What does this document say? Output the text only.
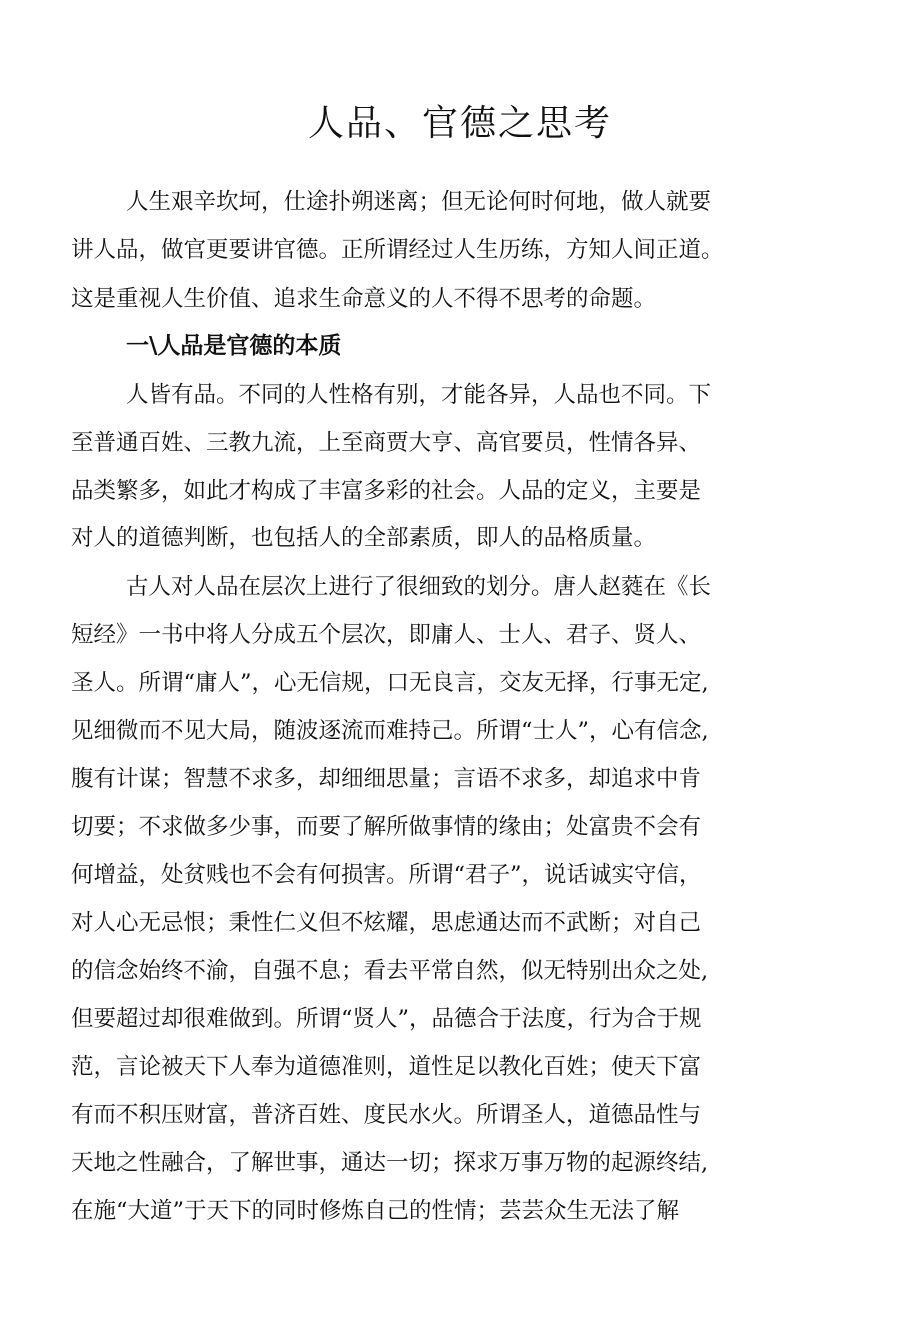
人品、官德之思考

人生艰辛坎坷，仕途扑朔迷离；但无论何时何地，做人就要

讲人品，做官更要讲官德。正所谓经过人生历练，方知人间正道。

这是重视人生价值、追求生命意义的人不得不思考的命题。

一\人品是官德的本质

人皆有品。不同的人性格有别，才能各异，人品也不同。下

至普通百姓、三教九流，上至商贾大亨、高官要员，性情各异、

品类繁多，如此才构成了丰富多彩的社会。人品的定义，主要是

对人的道德判断，也包括人的全部素质，即人的品格质量。

古人对人品在层次上进行了很细致的划分。唐人赵蕤在《长

短经》一书中将人分成五个层次，即庸人、士人、君子、贤人、

圣人。所谓“庸人”，心无信规，口无良言，交友无择，行事无定,

见细微而不见大局，随波逐流而难持己。所谓“士人”，心有信念,

腹有计谋；智慧不求多，却细细思量；言语不求多，却追求中肯

切要；不求做多少事，而要了解所做事情的缘由；处富贵不会有

何增益，处贫贱也不会有何损害。所谓“君子”，说话诚实守信，

对人心无忌恨；秉性仁义但不炫耀，思虑通达而不武断；对自己

的信念始终不渝，自强不息；看去平常自然，似无特别出众之处,

但要超过却很难做到。所谓“贤人”，品德合于法度，行为合于规

范，言论被天下人奉为道德准则，道性足以教化百姓；使天下富

有而不积压财富，普济百姓、度民水火。所谓圣人，道德品性与

天地之性融合，了解世事，通达一切；探求万事万物的起源终结,

在施“大道”于天下的同时修炼自己的性情；芸芸众生无法了解
